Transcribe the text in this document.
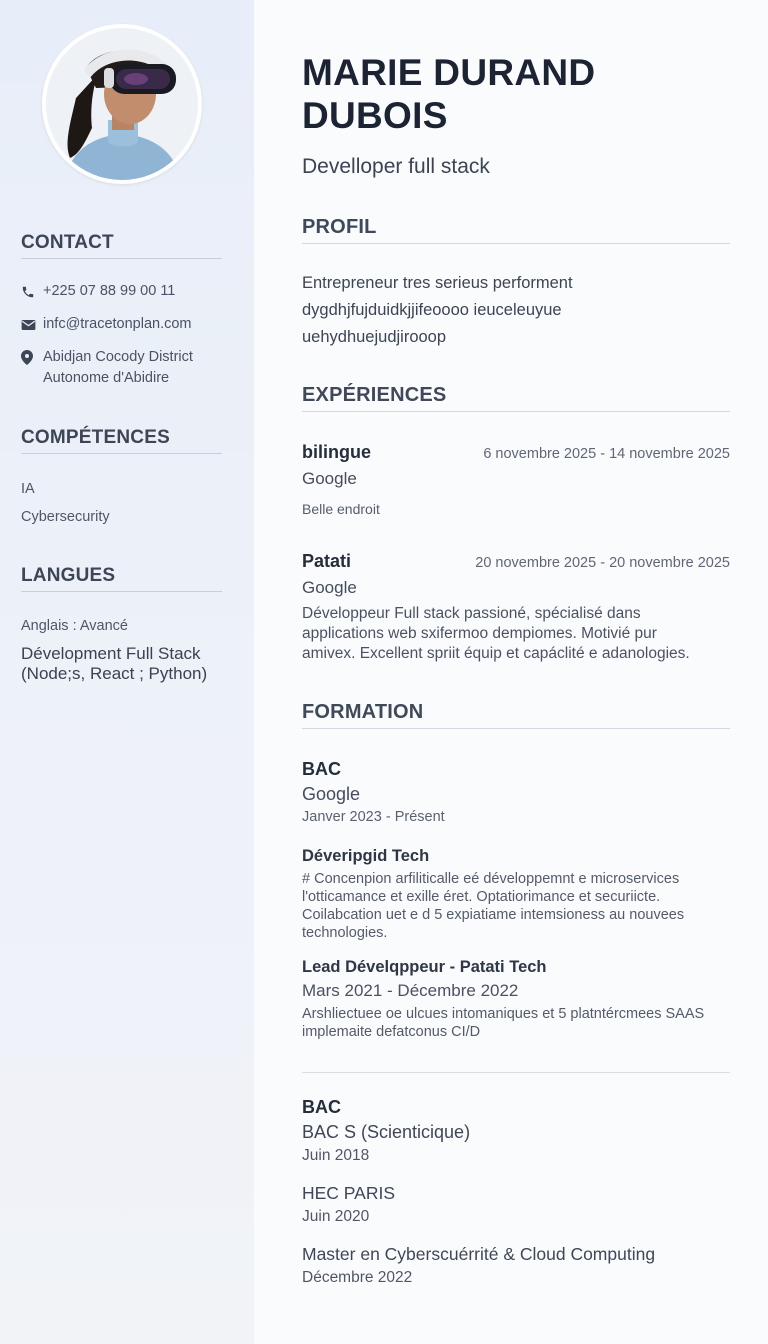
CONTACT
+225 07 88 99 00 11
infc@tracetonplan.com
Abidjan Cocody District
Autonome d'Abidire
COMPÉTENCES
IA
Cybersecurity
LANGUES
Anglais : Avancé
Dévelopment Full Stack
(Node;s, React ; Python)
MARIE DURAND
DUBOIS
Develloper full stack
PROFIL
Entrepreneur tres serieus performent
dygdhjfujduidkjjifeoooo ieuceleuyue
uehydhuejudjirooop
EXPÉRIENCES
bilingue	6 novembre 2025 - 14 novembre 2025
Google
Belle endroit
Patati	20 novembre 2025 - 20 novembre 2025
Google
Développeur Full stack passioné, spécialisé dans
applications web sxifermoo dempiomes. Motivié pur
amivex. Excellent spriit équip et capáclité e adanologies.
FORMATION
BAC
Google
Janver 2023 - Présent
Déveripgid Tech
# Concenpion arfiliticalle eé développemnt e microservices
l'otticamance et exille éret. Optatiorimance et securiicte.
Coilabcation uet e d 5 expiatiame intemsioness au nouvees
technologies.
Lead Dévelqppeur - Patati Tech
Mars 2021 - Décembre 2022
Arshliectuee oe ulcues intomaniques et 5 platntércmees SAAS
implemaite defatconus CI/D
BAC
BAC S (Scienticique)
Juin 2018
HEC PARIS
Juin 2020
Master en Cyberscuérrité & Cloud Computing
Décembre 2022
